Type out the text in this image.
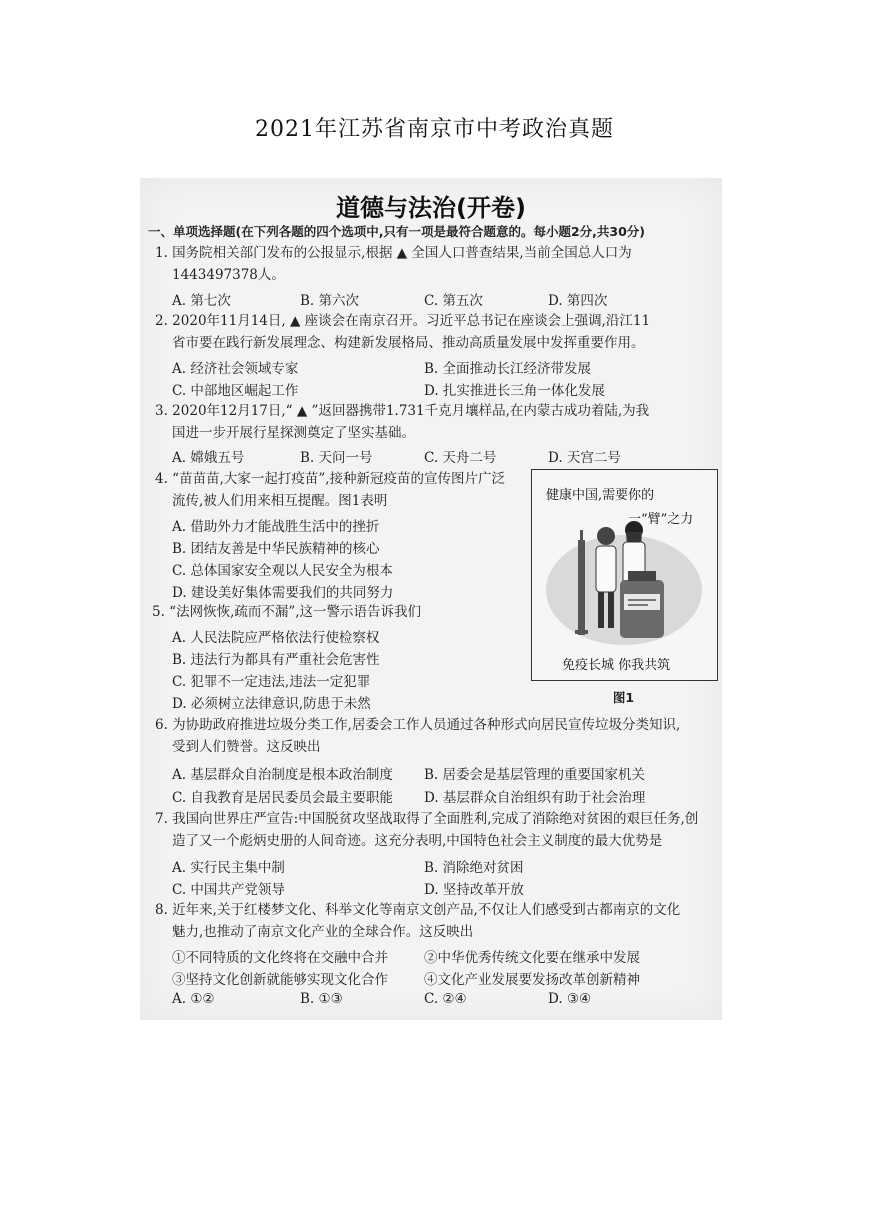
2021年江苏省南京市中考政治真题
道德与法治(开卷)
一、单项选择题(在下列各题的四个选项中,只有一项是最符合题意的。每小题2分,共30分)
1. 国务院相关部门发布的公报显示,根据 ▲ 全国人口普查结果,当前全国总人口为
1443497378人。
A. 第七次	B. 第六次	C. 第五次	D. 第四次
2. 2020年11月14日, ▲ 座谈会在南京召开。习近平总书记在座谈会上强调,沿江11
省市要在践行新发展理念、构建新发展格局、推动高质量发展中发挥重要作用。
A. 经济社会领域专家	B. 全面推动长江经济带发展
C. 中部地区崛起工作	D. 扎实推进长三角一体化发展
3. 2020年12月17日,“ ▲ ”返回器携带1.731千克月壤样品,在内蒙古成功着陆,为我
国进一步开展行星探测奠定了坚实基础。
A. 嫦娥五号	B. 天问一号	C. 天舟二号	D. 天宫二号
4. “苗苗苗,大家一起打疫苗”,接种新冠疫苗的宣传图片广泛
流传,被人们用来相互提醒。图1表明
A. 借助外力才能战胜生活中的挫折
B. 团结友善是中华民族精神的核心
C. 总体国家安全观以人民安全为根本
D. 建设美好集体需要我们的共同努力
5. “法网恢恢,疏而不漏”,这一警示语告诉我们
A. 人民法院应严格依法行使检察权
B. 违法行为都具有严重社会危害性
C. 犯罪不一定违法,违法一定犯罪
D. 必须树立法律意识,防患于未然
健康中国,需要你的
一“臂”之力
免疫长城 你我共筑
图1
6. 为协助政府推进垃圾分类工作,居委会工作人员通过各种形式向居民宣传垃圾分类知识,
受到人们赞誉。这反映出
A. 基层群众自治制度是根本政治制度 B. 居委会是基层管理的重要国家机关
C. 自我教育是居民委员会最主要职能 D. 基层群众自治组织有助于社会治理
7. 我国向世界庄严宣告:中国脱贫攻坚战取得了全面胜利,完成了消除绝对贫困的艰巨任务,创
造了又一个彪炳史册的人间奇迹。这充分表明,中国特色社会主义制度的最大优势是
A. 实行民主集中制	B. 消除绝对贫困
C. 中国共产党领导	D. 坚持改革开放
8. 近年来,关于红楼梦文化、科举文化等南京文创产品,不仅让人们感受到古都南京的文化
魅力,也推动了南京文化产业的全球合作。这反映出
①不同特质的文化终将在交融中合并	②中华优秀传统文化要在继承中发展
③坚持文化创新就能够实现文化合作	④文化产业发展要发扬改革创新精神
A. ①②	B. ①③	C. ②④	D. ③④
